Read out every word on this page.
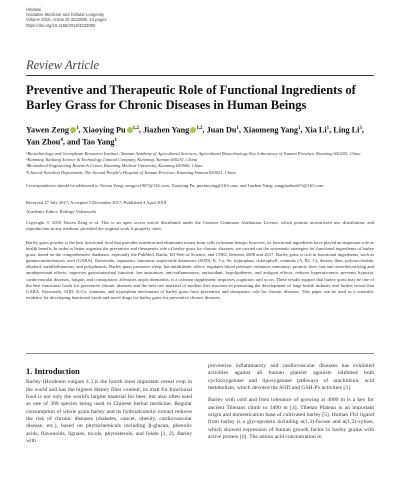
Hindawi
Oxidative Medicine and Cellular Longevity
Volume 2018, Article ID 3232080, 13 pages
https://doi.org/10.1155/2018/3232080
Review Article
Preventive and Therapeutic Role of Functional Ingredients of Barley Grass for Chronic Diseases in Human Beings
Yawen Zeng $^1$, Xiaoying Pu $^{1,2}$, Jiazhen Yang $^{1,2}$, Juan Du$^1$, Xiaomeng Yang$^1$, Xia Li$^1$, Ling Li$^3$, Yan Zhou$^4$, and Tao Yang$^1$
¹Biotechnology and Germplasm Resources Institute, Yunnan Academy of Agricultural Sciences, Agricultural Biotechnology Key Laboratory of Yunnan Province, Kunming 650205, China
²Kunming Yunliang Science & Technology Limited Company, Kunming, Yunnan 650231, China
³Biomedical Engineering Research Center, Kunming Medical University, Kunming 650500, China
⁴Clinical Nutrition Department, The Second People's Hospital of Yunnan Province, Kunming Yunnan 650021, China
Correspondence should be addressed to Yawen Zeng; zengyw1967@126.com, Xiaoying Pu; puxiaoying@163.com, and Jiazhen Yang; yangjiazhen615@163.com
Received 27 July 2017; Accepted 5 December 2017; Published 4 April 2018
Academic Editor: Rodrigo Valenzuela
Copyright © 2018 Yawen Zeng et al. This is an open access article distributed under the Creative Commons Attribution License, which permits unrestricted use, distribution, and reproduction in any medium, provided the original work is properly cited.
Barley grass powder is the best functional food that provides nutrition and eliminates toxins from cells in human beings; however, its functional ingredients have played an important role as health benefit. In order to better organize the preventive and therapeutic role of barley grass for chronic diseases, we carried out the systematic strategies for functional ingredients of barley grass, based on the comprehensive databases, especially the PubMed, Baidu, ISI Web of Science, and CNKI, between 2008 and 2017. Barley grass is rich in functional ingredients, such as gamma-aminobutyric acid (GABA), flavonoids, saponarin, lutonarin, superoxide dismutase (SOD), K, Ca, Se, tryptophan, chlorophyll, vitamins (A, B1, C), dietary fiber, polysaccharide, alkaloid, metallothioneins, and polyphenols. Barley grass promotes sleep; has antidiabetic effect; regulates blood pressure; enhances immunity; protects liver; has anti-acne/detoxifying and antidepressant effects; improves gastrointestinal function; has anticancer, anti-inflammatory, antioxidant, hypolipidemic, and antigout effects; reduces hyperuricemia; prevents hypoxia, cardiovascular diseases, fatigue, and constipation; alleviates atopic dermatitis; is a calcium supplement; improves cognition; and so on. These results support that barley grass may be one of the best functional foods for preventive chronic diseases and the best raw material of modern diet structure in promoting the development of large health industry and further reveal that GABA, flavonoids, SOD, K-Ca, vitamins, and tryptophan mechanism of barley grass have preventive and therapeutic role for chronic diseases. This paper can be used as a scientific evidence for developing functional foods and novel drugs for barley grass for preventive chronic diseases.
1. Introduction

Barley (Hordeum vulgare L.) is the fourth most important cereal crop in the world and has the highest dietary fiber content; its malt for functional food is not only the world's largest material for beer, but also often used as one of 300 species being used in Chinese herbal medicine. Regular consumption of whole grain barley and its hydroalcoholic extract reduces the risk of chronic diseases (diabetes, cancer, obesity, cardiovascular disease, etc.), based on phytochemicals including β-glucan, phenolic acids, flavonoids, lignans, tocols, phytosterols, and folate [1, 2]. Barley with

preventive inflammatory and cardiovascular diseases has exhibited activities against all human platelet agonists inhibited both cyclooxygenase and lipoxygenase pathways of arachidonic acid metabolism, which devoted the SOD and GSH-Px activities [3].

Barley with cold and frost tolerance of growing at 4000 m is a key for ancient Tibetans climb to 3400 m [4]. Tibetan Plateau is an important origin and domestication base of cultivated barley [5]. Human Fb3 ligand from barley is a glycoprotein including α(1,3)-fucose and α(1,2)-xylose, which showed expression of human growth factor in barley grains with active protein [6]. The amino acid concentration in
